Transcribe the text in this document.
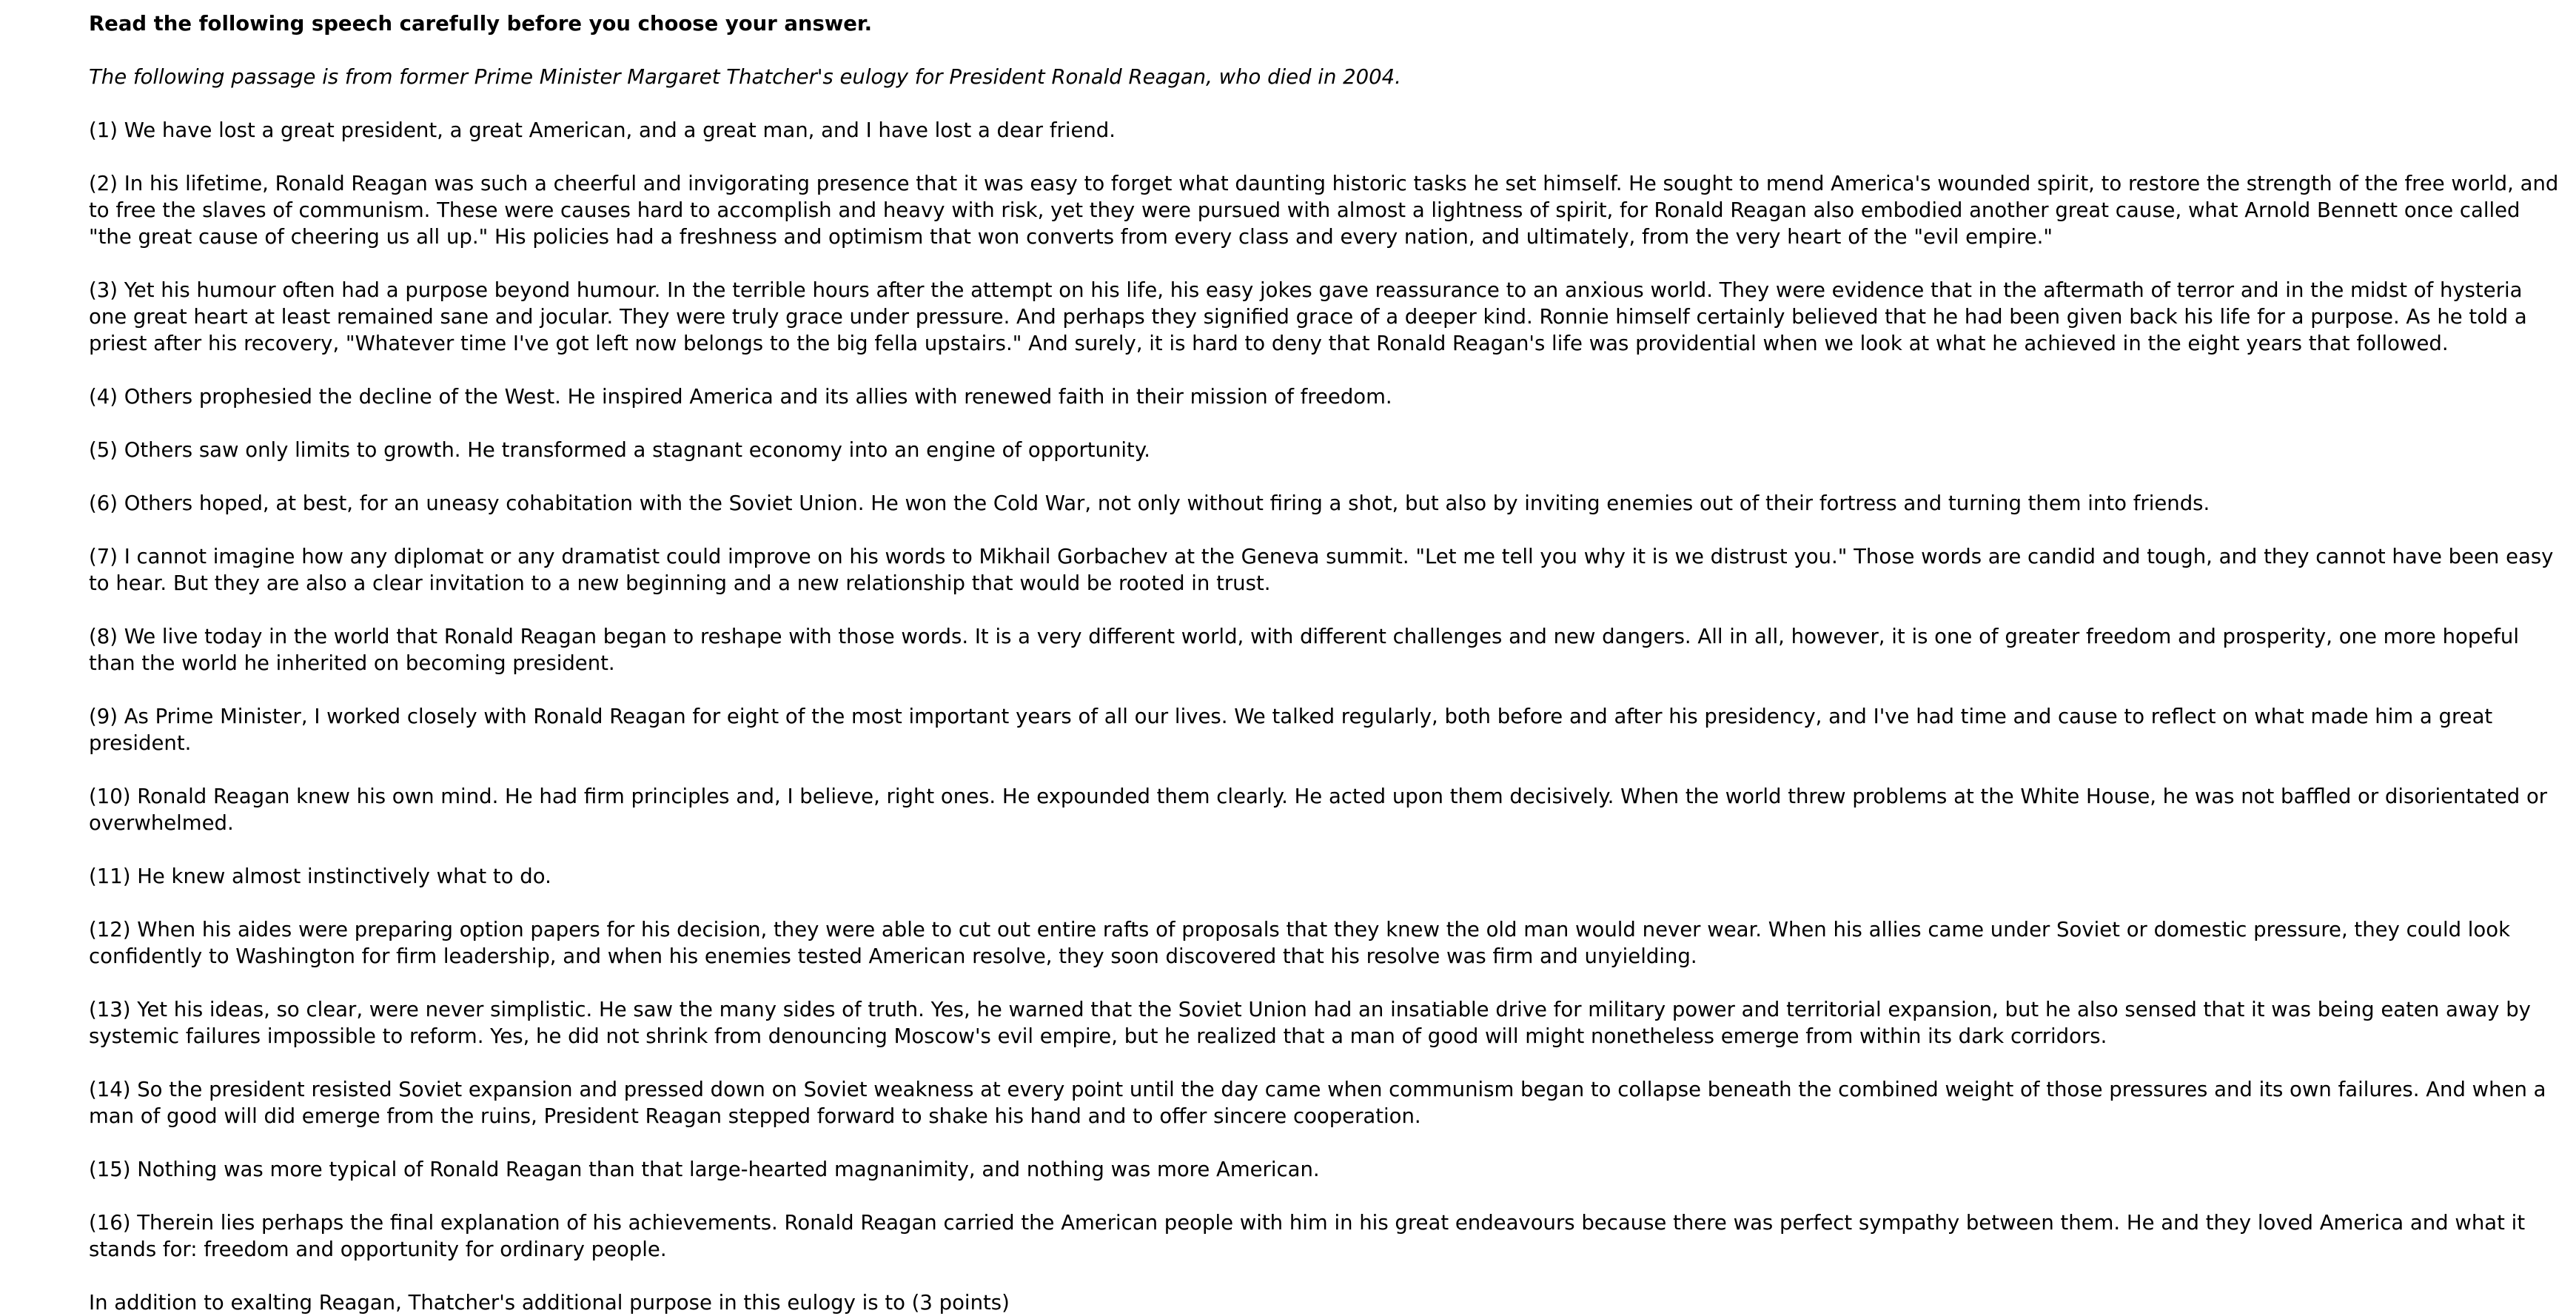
Read the following speech carefully before you choose your answer.

The following passage is from former Prime Minister Margaret Thatcher's eulogy for President Ronald Reagan, who died in 2004.

(1) We have lost a great president, a great American, and a great man, and I have lost a dear friend.

(2) In his lifetime, Ronald Reagan was such a cheerful and invigorating presence that it was easy to forget what daunting historic tasks he set himself. He sought to mend America's wounded spirit, to restore the strength of the free world, and to free the slaves of communism. These were causes hard to accomplish and heavy with risk, yet they were pursued with almost a lightness of spirit, for Ronald Reagan also embodied another great cause, what Arnold Bennett once called "the great cause of cheering us all up." His policies had a freshness and optimism that won converts from every class and every nation, and ultimately, from the very heart of the "evil empire."

(3) Yet his humour often had a purpose beyond humour. In the terrible hours after the attempt on his life, his easy jokes gave reassurance to an anxious world. They were evidence that in the aftermath of terror and in the midst of hysteria one great heart at least remained sane and jocular. They were truly grace under pressure. And perhaps they signified grace of a deeper kind. Ronnie himself certainly believed that he had been given back his life for a purpose. As he told a priest after his recovery, "Whatever time I've got left now belongs to the big fella upstairs." And surely, it is hard to deny that Ronald Reagan's life was providential when we look at what he achieved in the eight years that followed.

(4) Others prophesied the decline of the West. He inspired America and its allies with renewed faith in their mission of freedom.

(5) Others saw only limits to growth. He transformed a stagnant economy into an engine of opportunity.

(6) Others hoped, at best, for an uneasy cohabitation with the Soviet Union. He won the Cold War, not only without firing a shot, but also by inviting enemies out of their fortress and turning them into friends.

(7) I cannot imagine how any diplomat or any dramatist could improve on his words to Mikhail Gorbachev at the Geneva summit. "Let me tell you why it is we distrust you." Those words are candid and tough, and they cannot have been easy to hear. But they are also a clear invitation to a new beginning and a new relationship that would be rooted in trust.

(8) We live today in the world that Ronald Reagan began to reshape with those words. It is a very different world, with different challenges and new dangers. All in all, however, it is one of greater freedom and prosperity, one more hopeful than the world he inherited on becoming president.

(9) As Prime Minister, I worked closely with Ronald Reagan for eight of the most important years of all our lives. We talked regularly, both before and after his presidency, and I've had time and cause to reflect on what made him a great president.

(10) Ronald Reagan knew his own mind. He had firm principles and, I believe, right ones. He expounded them clearly. He acted upon them decisively. When the world threw problems at the White House, he was not baffled or disorientated or overwhelmed.

(11) He knew almost instinctively what to do.

(12) When his aides were preparing option papers for his decision, they were able to cut out entire rafts of proposals that they knew the old man would never wear. When his allies came under Soviet or domestic pressure, they could look confidently to Washington for firm leadership, and when his enemies tested American resolve, they soon discovered that his resolve was firm and unyielding.

(13) Yet his ideas, so clear, were never simplistic. He saw the many sides of truth. Yes, he warned that the Soviet Union had an insatiable drive for military power and territorial expansion, but he also sensed that it was being eaten away by systemic failures impossible to reform. Yes, he did not shrink from denouncing Moscow's evil empire, but he realized that a man of good will might nonetheless emerge from within its dark corridors.

(14) So the president resisted Soviet expansion and pressed down on Soviet weakness at every point until the day came when communism began to collapse beneath the combined weight of those pressures and its own failures. And when a man of good will did emerge from the ruins, President Reagan stepped forward to shake his hand and to offer sincere cooperation.

(15) Nothing was more typical of Ronald Reagan than that large-hearted magnanimity, and nothing was more American.

(16) Therein lies perhaps the final explanation of his achievements. Ronald Reagan carried the American people with him in his great endeavours because there was perfect sympathy between them. He and they loved America and what it stands for: freedom and opportunity for ordinary people.

In addition to exalting Reagan, Thatcher's additional purpose in this eulogy is to (3 points)
